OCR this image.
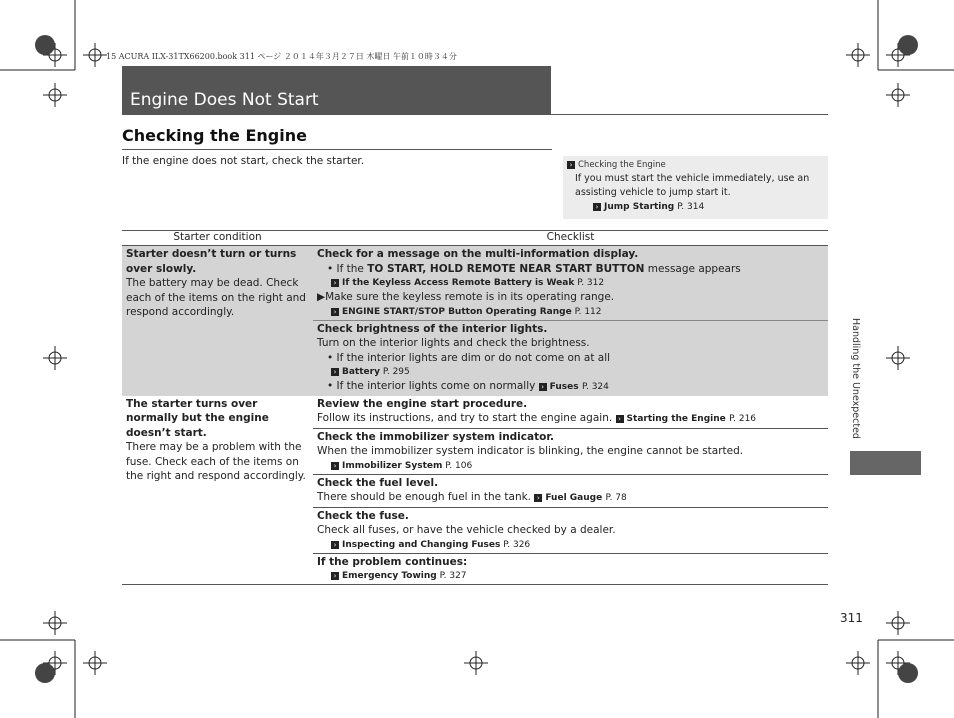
15 ACURA ILX-31TX66200.book 311 ページ ２０１４年３月２７日 木曜日 午前１０時３４分
Engine Does Not Start
Checking the Engine
If the engine does not start, check the starter.	› Checking the Engine
If you must start the vehicle immediately, use an assisting vehicle to jump start it.
› Jump Starting P. 314
Starter condition	Checklist
Starter doesn’t turn or turns over slowly.
The battery may be dead. Check each of the items on the right and respond accordingly.
Check for a message on the multi-information display.
• If the TO START, HOLD REMOTE NEAR START BUTTON message appears
› If the Keyless Access Remote Battery is Weak P. 312
▶Make sure the keyless remote is in its operating range.
› ENGINE START/STOP Button Operating Range P. 112
Check brightness of the interior lights.
Turn on the interior lights and check the brightness.
• If the interior lights are dim or do not come on at all
› Battery P. 295
• If the interior lights come on normally › Fuses P. 324
The starter turns over normally but the engine doesn’t start.
There may be a problem with the fuse. Check each of the items on the right and respond accordingly.
Review the engine start procedure.
Follow its instructions, and try to start the engine again. › Starting the Engine P. 216
Check the immobilizer system indicator.
When the immobilizer system indicator is blinking, the engine cannot be started.
› Immobilizer System P. 106
Check the fuel level.
There should be enough fuel in the tank. › Fuel Gauge P. 78
Check the fuse.
Check all fuses, or have the vehicle checked by a dealer.
› Inspecting and Changing Fuses P. 326
If the problem continues:
› Emergency Towing P. 327
Handling the Unexpected
311
